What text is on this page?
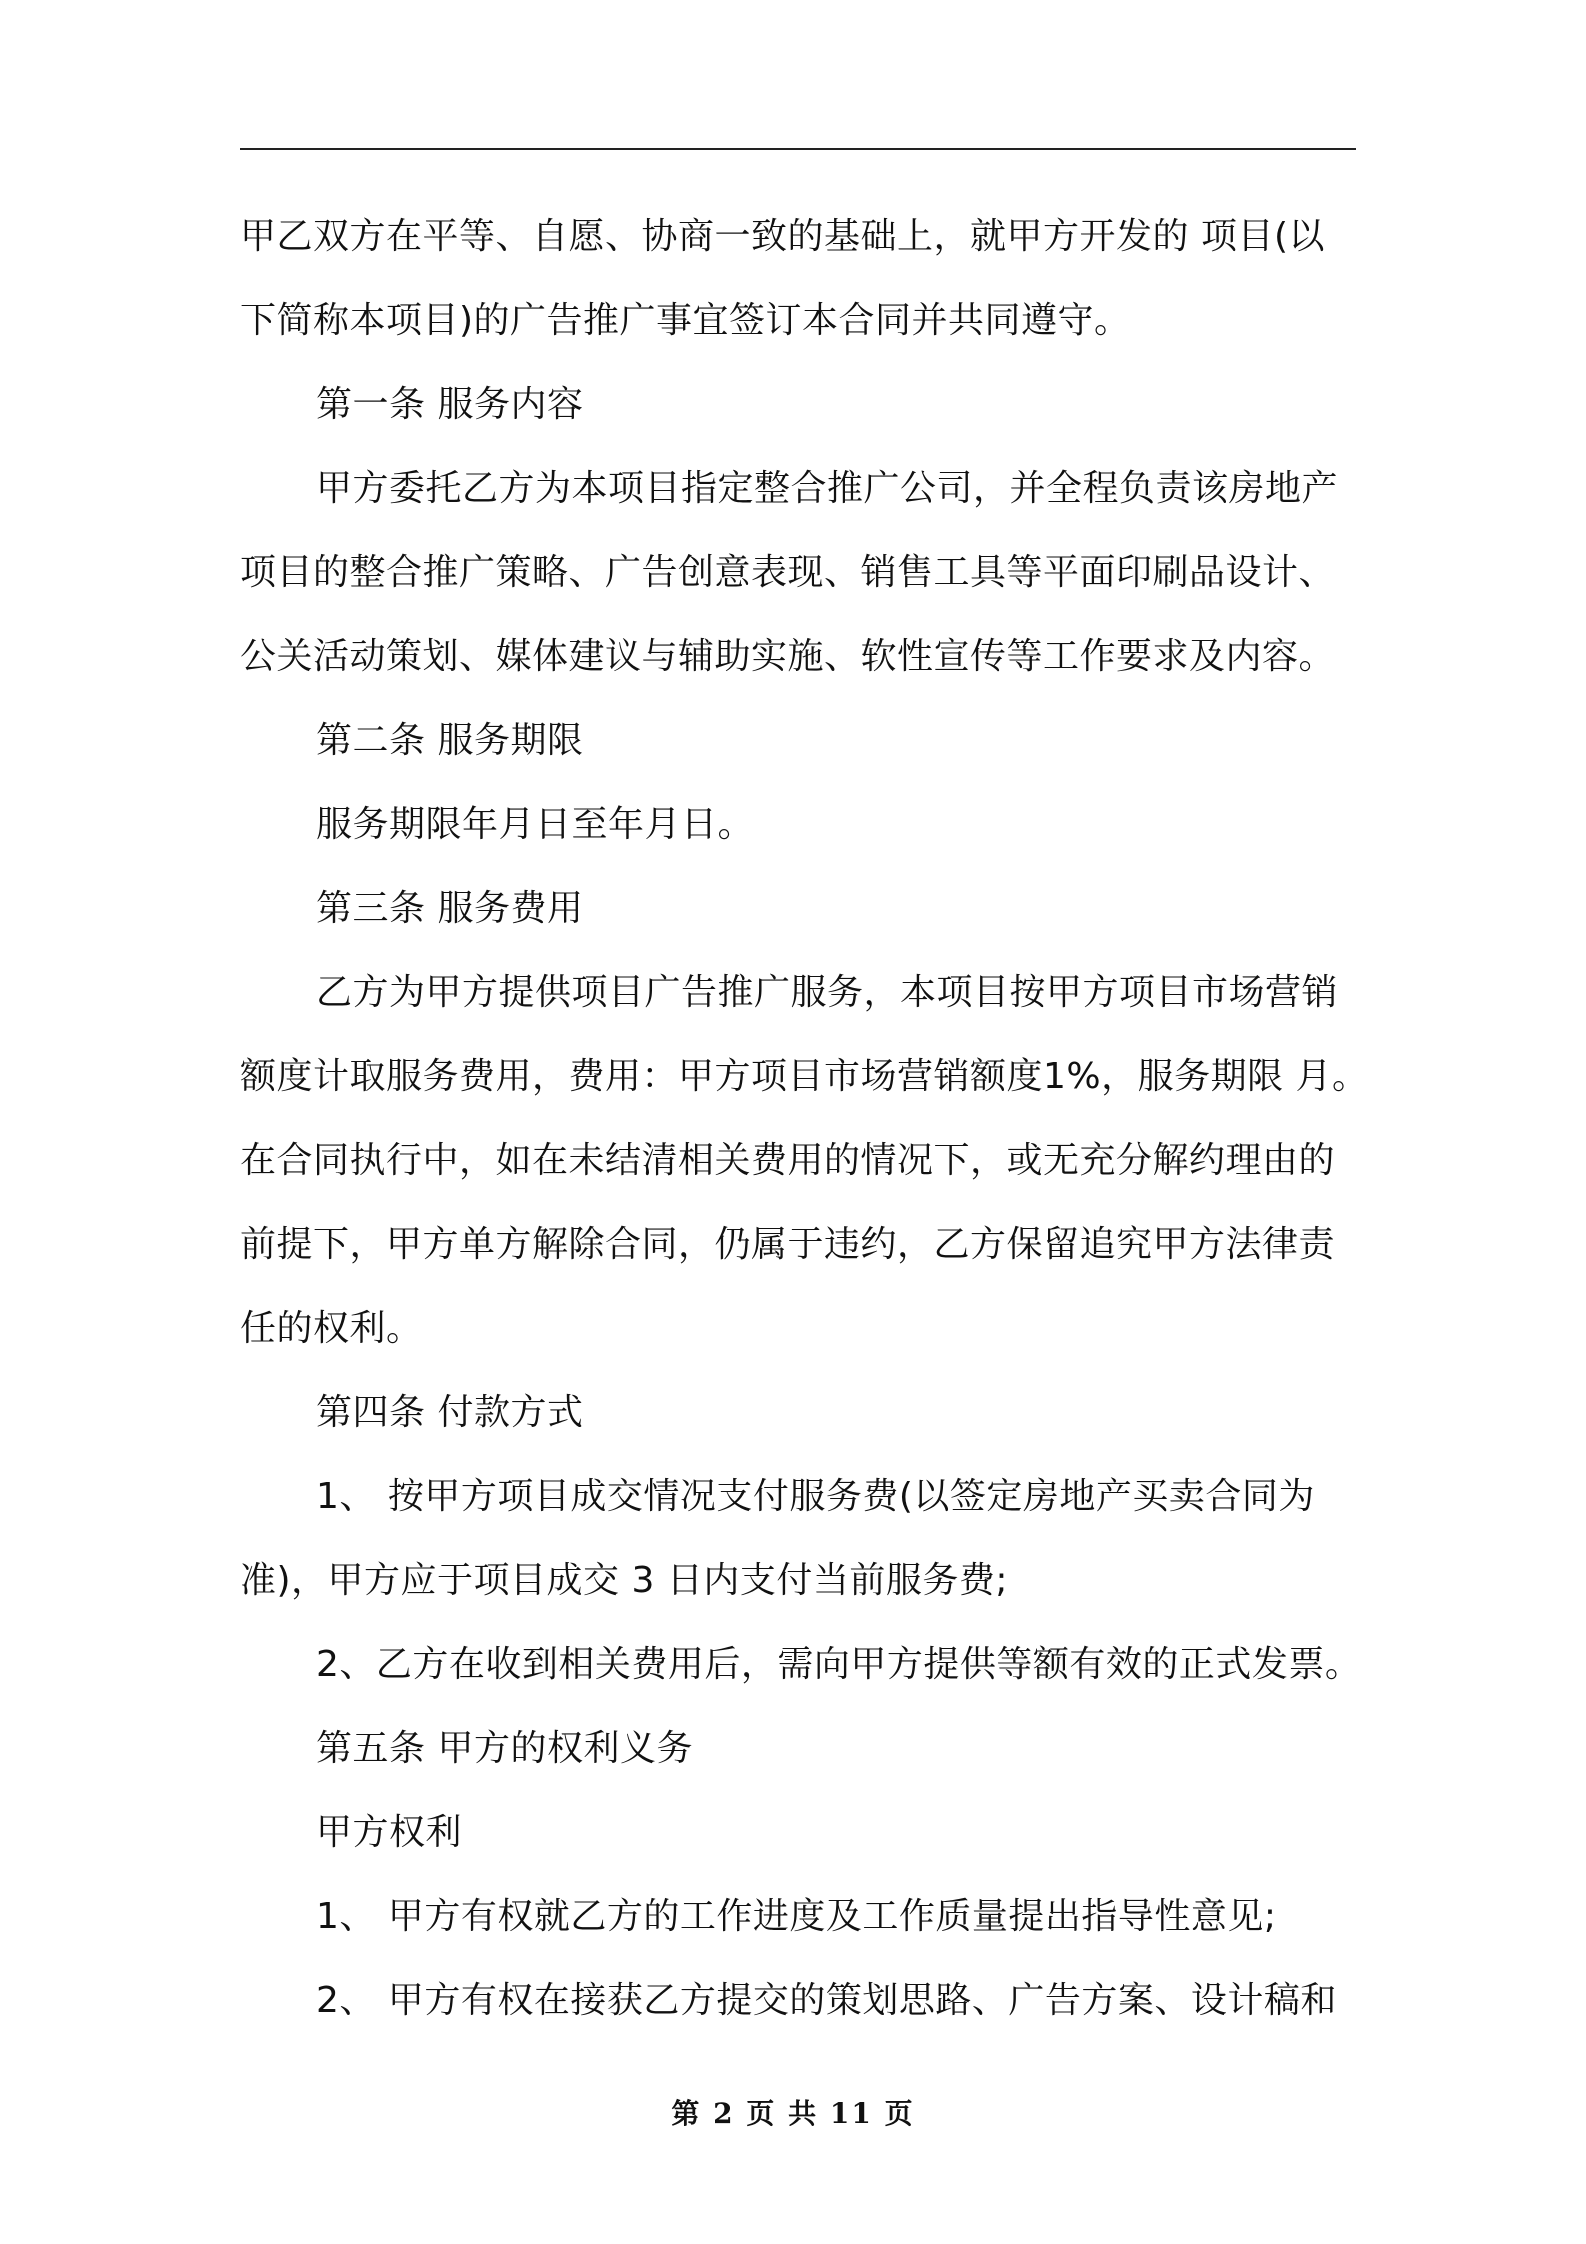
甲乙双方在平等、自愿、协商一致的基础上，就甲方开发的 项目(以
下简称本项目)的广告推广事宜签订本合同并共同遵守。
第一条 服务内容
甲方委托乙方为本项目指定整合推广公司，并全程负责该房地产
项目的整合推广策略、广告创意表现、销售工具等平面印刷品设计、
公关活动策划、媒体建议与辅助实施、软性宣传等工作要求及内容。
第二条 服务期限
服务期限年月日至年月日。
第三条 服务费用
乙方为甲方提供项目广告推广服务，本项目按甲方项目市场营销
额度计取服务费用，费用：甲方项目市场营销额度1%，服务期限 月。
在合同执行中，如在未结清相关费用的情况下，或无充分解约理由的
前提下，甲方单方解除合同，仍属于违约，乙方保留追究甲方法律责
任的权利。
第四条 付款方式
1、 按甲方项目成交情况支付服务费(以签定房地产买卖合同为
准)，甲方应于项目成交 3 日内支付当前服务费;
2、乙方在收到相关费用后，需向甲方提供等额有效的正式发票。
第五条 甲方的权利义务
甲方权利
1、 甲方有权就乙方的工作进度及工作质量提出指导性意见;
2、 甲方有权在接获乙方提交的策划思路、广告方案、设计稿和
第 2 页 共 11 页
